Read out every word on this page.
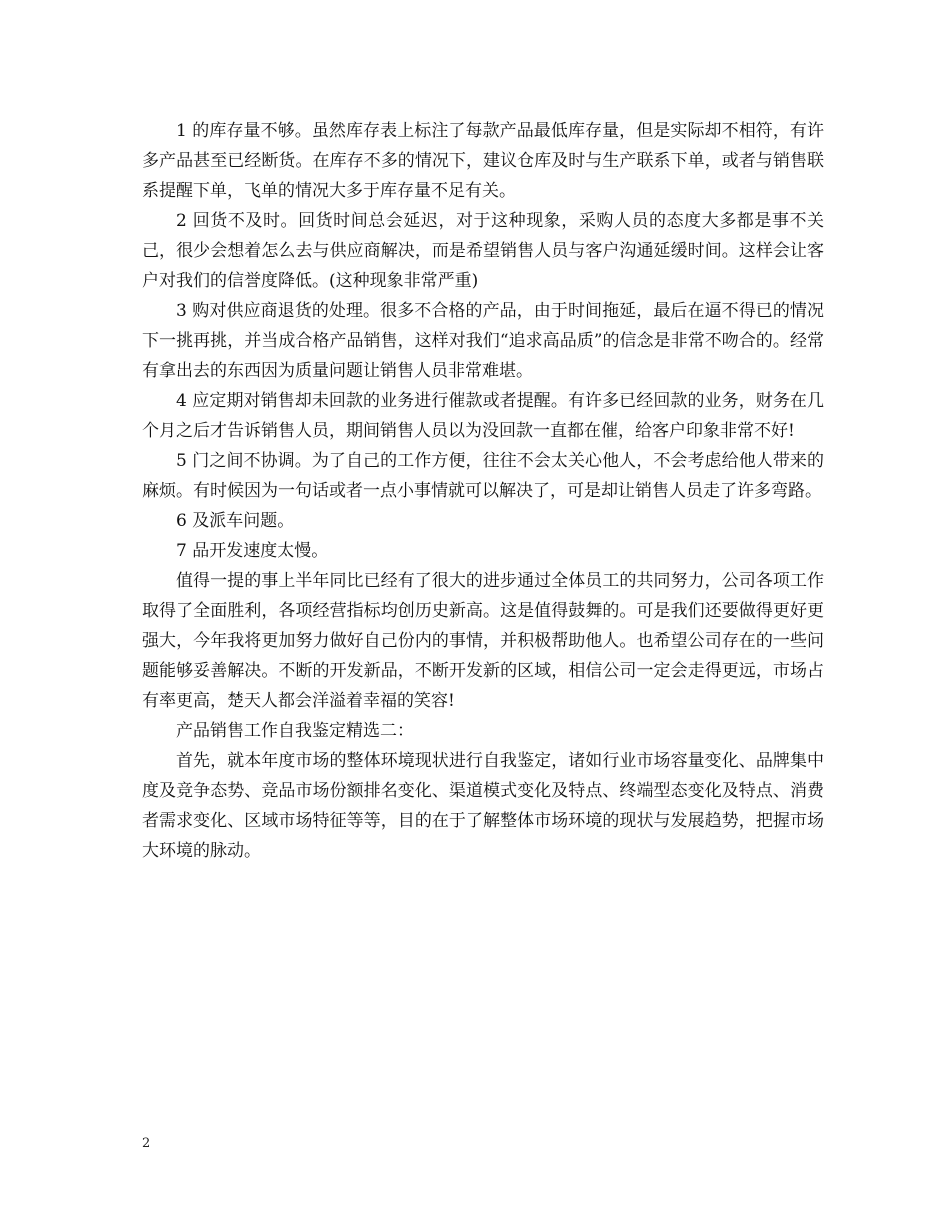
1 的库存量不够。虽然库存表上标注了每款产品最低库存量，但是实际却不相符，有许多产品甚至已经断货。在库存不多的情况下，建议仓库及时与生产联系下单，或者与销售联系提醒下单，飞单的情况大多于库存量不足有关。

2 回货不及时。回货时间总会延迟，对于这种现象，采购人员的态度大多都是事不关己，很少会想着怎么去与供应商解决，而是希望销售人员与客户沟通延缓时间。这样会让客户对我们的信誉度降低。(这种现象非常严重)

3 购对供应商退货的处理。很多不合格的产品，由于时间拖延，最后在逼不得已的情况下一挑再挑，并当成合格产品销售，这样对我们“追求高品质”的信念是非常不吻合的。经常有拿出去的东西因为质量问题让销售人员非常难堪。

4 应定期对销售却未回款的业务进行催款或者提醒。有许多已经回款的业务，财务在几个月之后才告诉销售人员，期间销售人员以为没回款一直都在催，给客户印象非常不好!

5 门之间不协调。为了自己的工作方便，往往不会太关心他人，不会考虑给他人带来的麻烦。有时候因为一句话或者一点小事情就可以解决了，可是却让销售人员走了许多弯路。

6 及派车问题。

7 品开发速度太慢。

值得一提的事上半年同比已经有了很大的进步通过全体员工的共同努力，公司各项工作取得了全面胜利，各项经营指标均创历史新高。这是值得鼓舞的。可是我们还要做得更好更强大，今年我将更加努力做好自己份内的事情，并积极帮助他人。也希望公司存在的一些问题能够妥善解决。不断的开发新品，不断开发新的区域，相信公司一定会走得更远，市场占有率更高，楚天人都会洋溢着幸福的笑容!

产品销售工作自我鉴定精选二：

首先，就本年度市场的整体环境现状进行自我鉴定，诸如行业市场容量变化、品牌集中度及竞争态势、竞品市场份额排名变化、渠道模式变化及特点、终端型态变化及特点、消费者需求变化、区域市场特征等等，目的在于了解整体市场环境的现状与发展趋势，把握市场大环境的脉动。

2
